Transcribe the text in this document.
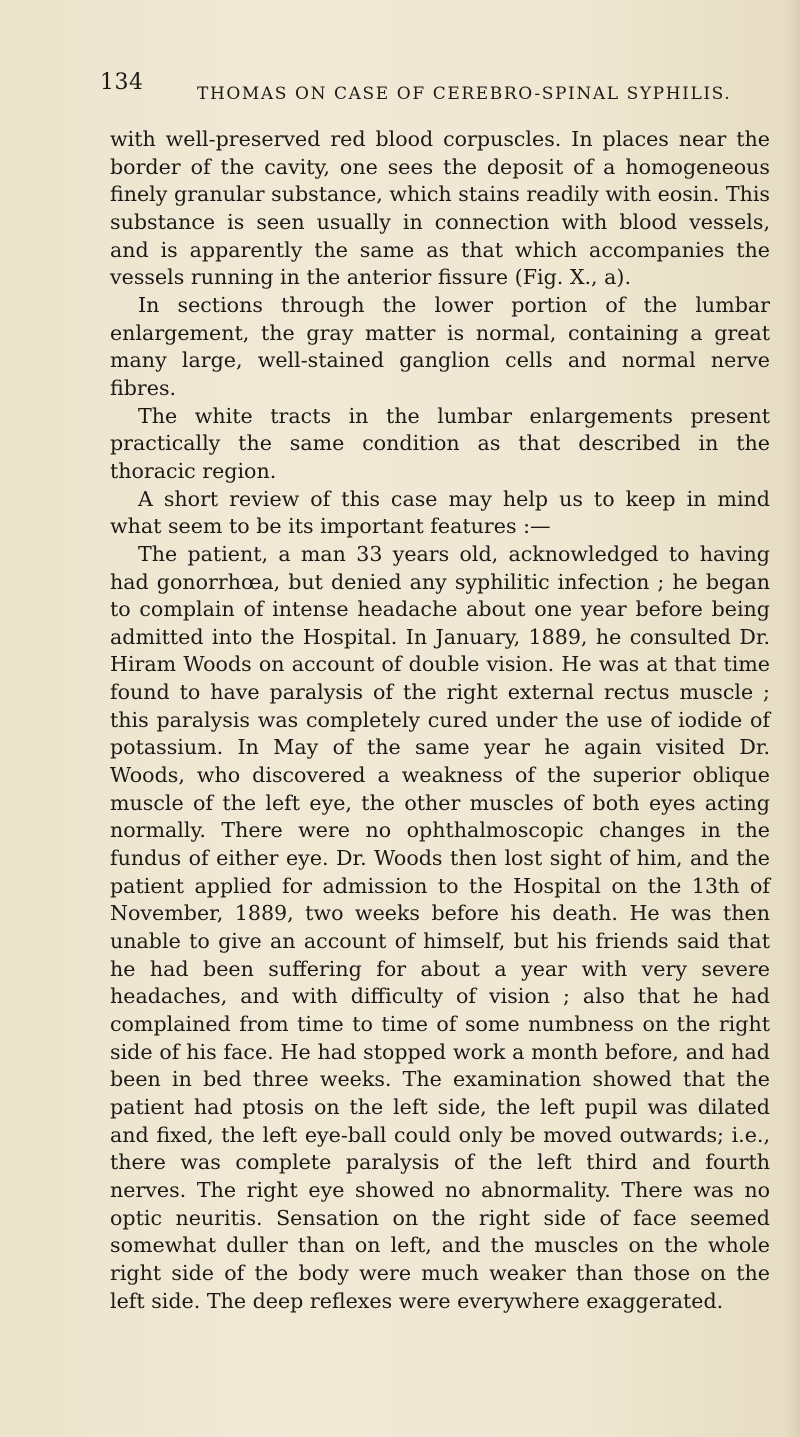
134	THOMAS ON CASE OF CEREBRO-SPINAL SYPHILIS.

with well-preserved red blood corpuscles. In places near the border of the cavity, one sees the deposit of a homogeneous finely granular substance, which stains readily with eosin. This substance is seen usually in connection with blood vessels, and is apparently the same as that which accompanies the vessels running in the anterior fissure (Fig. X., a).

In sections through the lower portion of the lumbar enlargement, the gray matter is normal, containing a great many large, well-stained ganglion cells and normal nerve fibres.

The white tracts in the lumbar enlargements present practically the same condition as that described in the thoracic region.

A short review of this case may help us to keep in mind what seem to be its important features :—

The patient, a man 33 years old, acknowledged to having had gonorrhœa, but denied any syphilitic infection ; he began to complain of intense headache about one year before being admitted into the Hospital. In January, 1889, he consulted Dr. Hiram Woods on account of double vision. He was at that time found to have paralysis of the right external rectus muscle ; this paralysis was completely cured under the use of iodide of potassium. In May of the same year he again visited Dr. Woods, who discovered a weakness of the superior oblique muscle of the left eye, the other muscles of both eyes acting normally. There were no ophthalmoscopic changes in the fundus of either eye. Dr. Woods then lost sight of him, and the patient applied for admission to the Hospital on the 13th of November, 1889, two weeks before his death. He was then unable to give an account of himself, but his friends said that he had been suffering for about a year with very severe headaches, and with difficulty of vision ; also that he had complained from time to time of some numbness on the right side of his face. He had stopped work a month before, and had been in bed three weeks. The examination showed that the patient had ptosis on the left side, the left pupil was dilated and fixed, the left eye-ball could only be moved outwards; i.e., there was complete paralysis of the left third and fourth nerves. The right eye showed no abnormality. There was no optic neuritis. Sensation on the right side of face seemed somewhat duller than on left, and the muscles on the whole right side of the body were much weaker than those on the left side. The deep reflexes were everywhere exaggerated.
